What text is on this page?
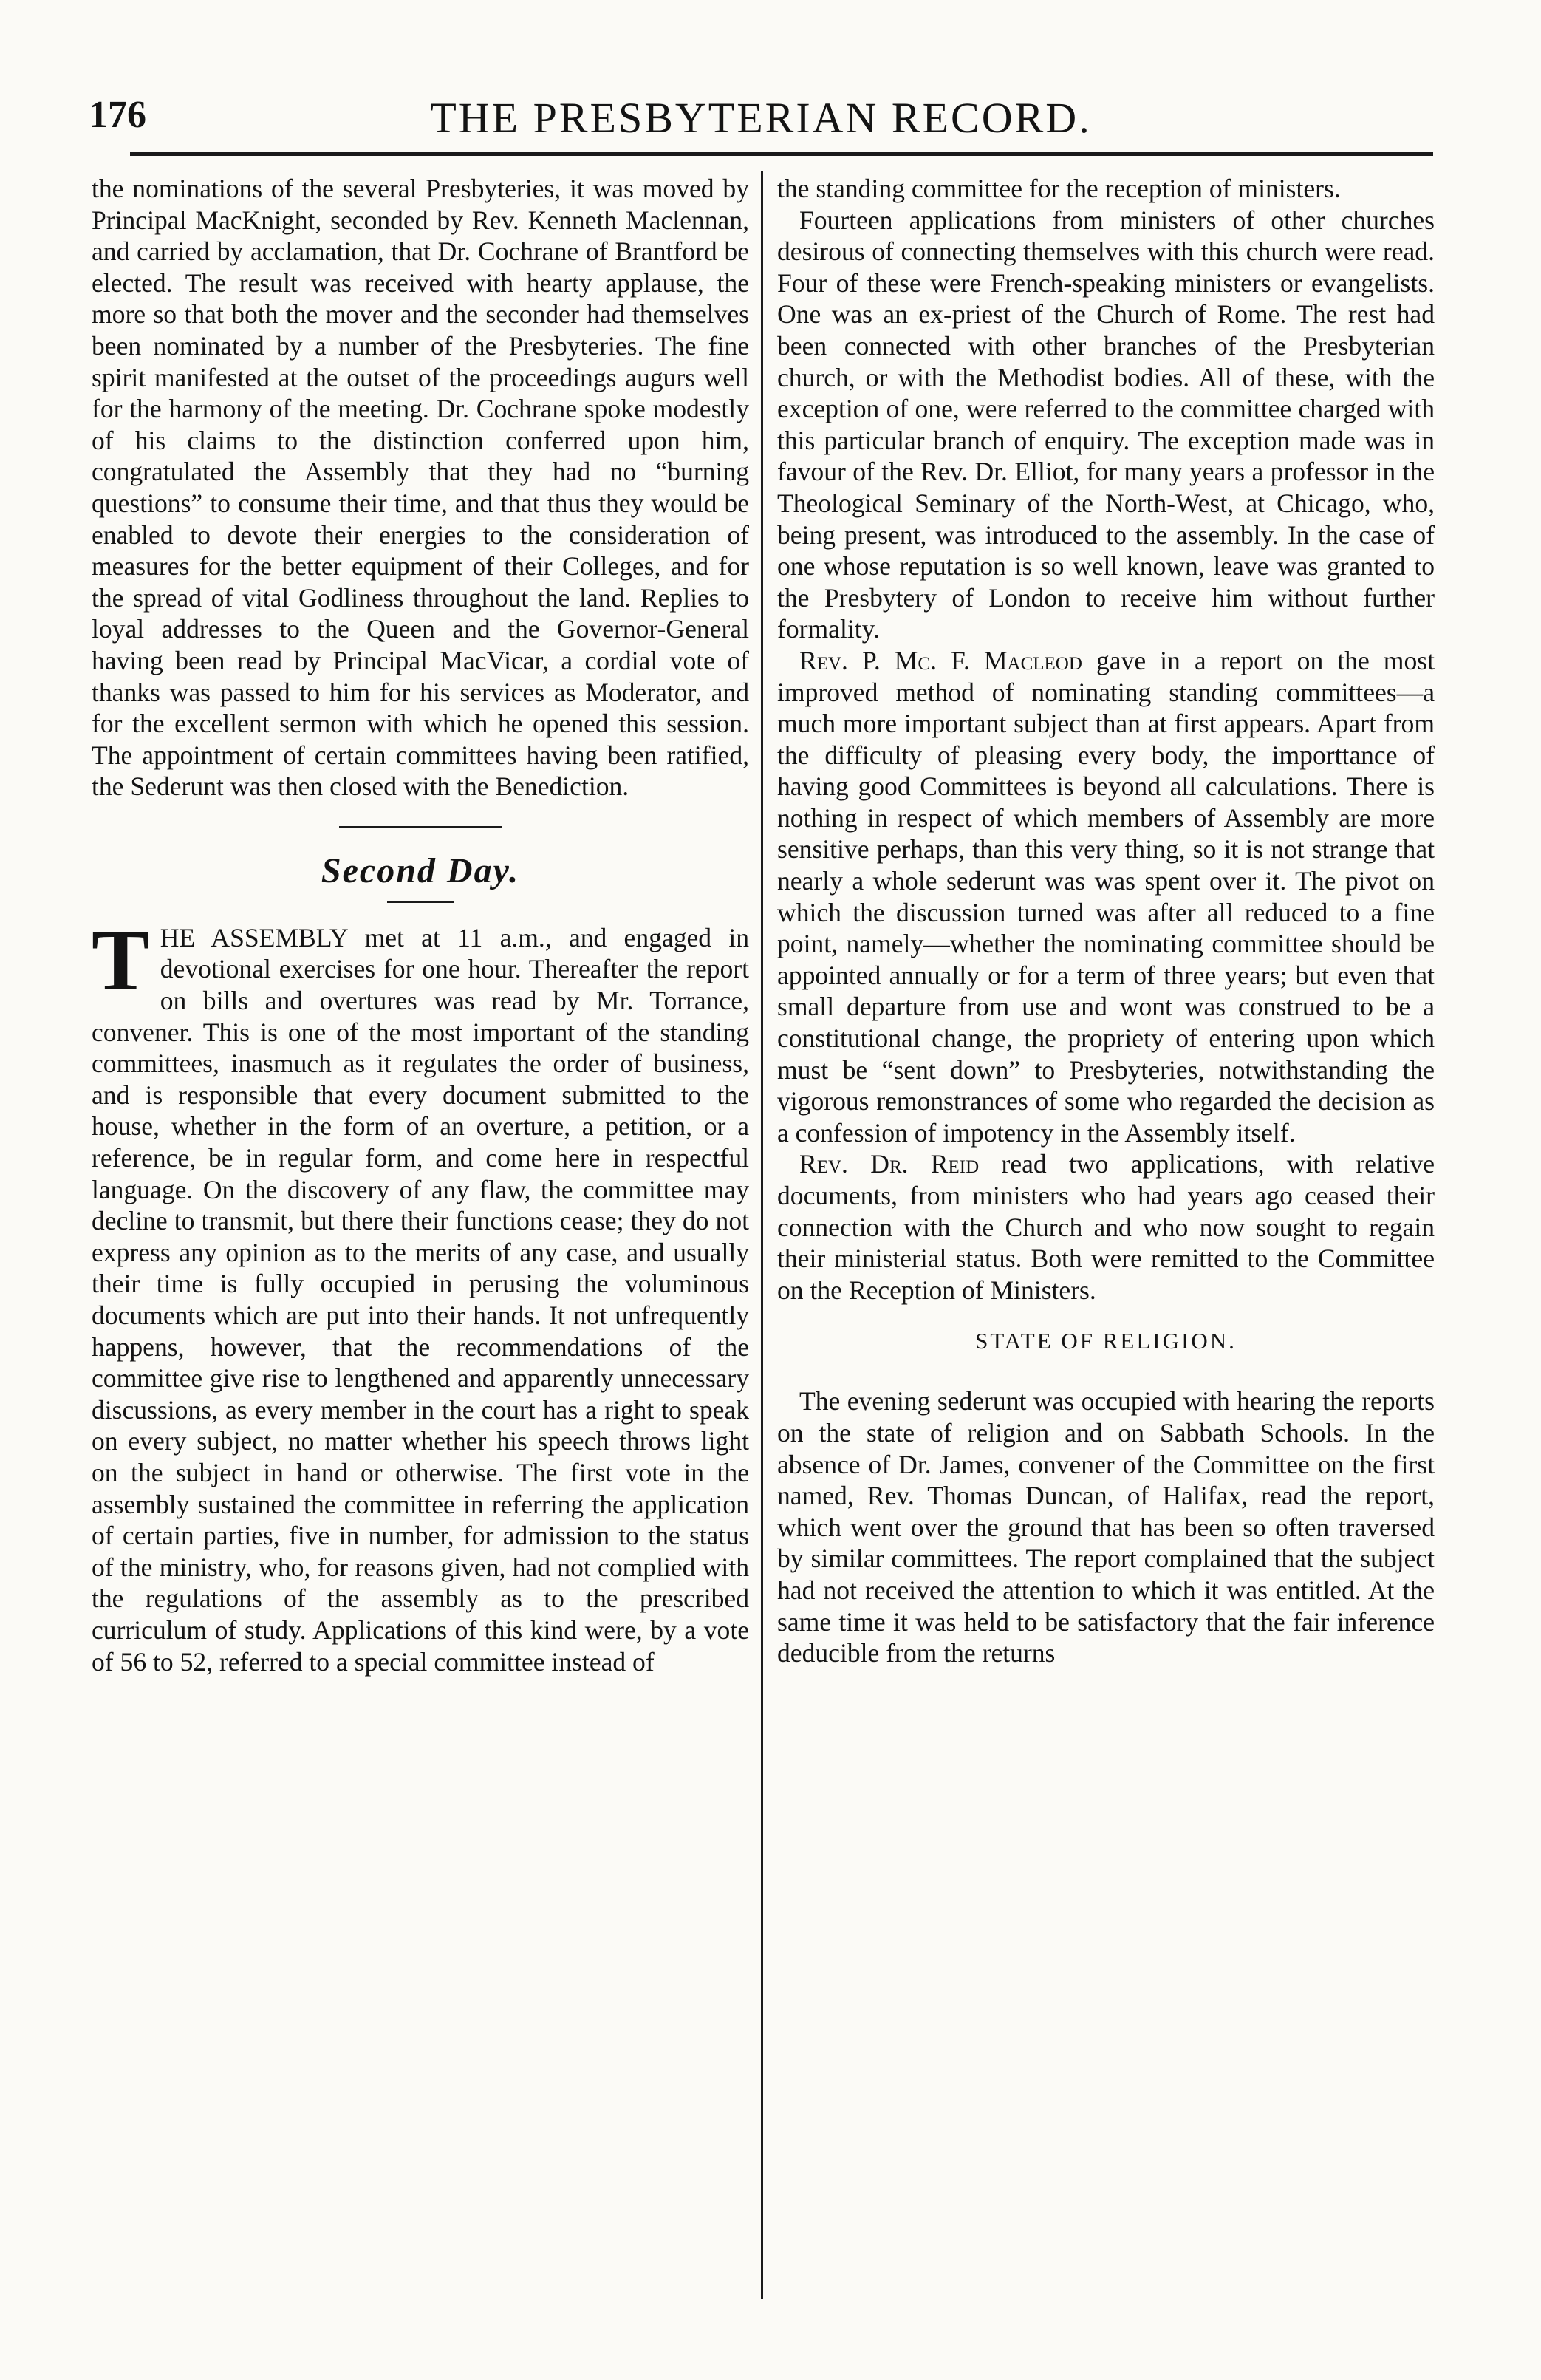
176	THE PRESBYTERIAN RECORD.

the nominations of the several Presbyteries, it was moved by Principal MacKnight, seconded by Rev. Kenneth Maclennan, and carried by acclamation, that Dr. Cochrane of Brantford be elected. The result was received with hearty applause, the more so that both the mover and the seconder had themselves been nominated by a number of the Presbyteries. The fine spirit manifested at the outset of the proceedings augurs well for the harmony of the meeting. Dr. Cochrane spoke modestly of his claims to the distinction conferred upon him, congratulated the Assembly that they had no “burning questions” to consume their time, and that thus they would be enabled to devote their energies to the consideration of measures for the better equipment of their Colleges, and for the spread of vital Godliness throughout the land. Replies to loyal addresses to the Queen and the Governor-General having been read by Principal MacVicar, a cordial vote of thanks was passed to him for his services as Moderator, and for the excellent sermon with which he opened this session. The appointment of certain committees having been ratified, the Sederunt was then closed with the Benediction.

Second Day.

THE ASSEMBLY met at 11 a.m., and engaged in devotional exercises for one hour. Thereafter the report on bills and overtures was read by Mr. Torrance, convener. This is one of the most important of the standing committees, inasmuch as it regulates the order of business, and is responsible that every document submitted to the house, whether in the form of an overture, a petition, or a reference, be in regular form, and come here in respectful language. On the discovery of any flaw, the committee may decline to transmit, but there their functions cease; they do not express any opinion as to the merits of any case, and usually their time is fully occupied in perusing the voluminous documents which are put into their hands. It not unfrequently happens, however, that the recommendations of the committee give rise to lengthened and apparently unnecessary discussions, as every member in the court has a right to speak on every subject, no matter whether his speech throws light on the subject in hand or otherwise. The first vote in the assembly sustained the committee in referring the application of certain parties, five in number, for admission to the status of the ministry, who, for reasons given, had not complied with the regulations of the assembly as to the prescribed curriculum of study. Applications of this kind were, by a vote of 56 to 52, referred to a special committee instead of

the standing committee for the reception of ministers.

Fourteen applications from ministers of other churches desirous of connecting themselves with this church were read. Four of these were French-speaking ministers or evangelists. One was an ex-priest of the Church of Rome. The rest had been connected with other branches of the Presbyterian church, or with the Methodist bodies. All of these, with the exception of one, were referred to the committee charged with this particular branch of enquiry. The exception made was in favour of the Rev. Dr. Elliot, for many years a professor in the Theological Seminary of the North-West, at Chicago, who, being present, was introduced to the assembly. In the case of one whose reputation is so well known, leave was granted to the Presbytery of London to receive him without further formality.

Rev. P. Mc. F. Macleod gave in a report on the most improved method of nominating standing committees—a much more important subject than at first appears. Apart from the difficulty of pleasing every body, the importtance of having good Committees is beyond all calculations. There is nothing in respect of which members of Assembly are more sensitive perhaps, than this very thing, so it is not strange that nearly a whole sederunt was was spent over it. The pivot on which the discussion turned was after all reduced to a fine point, namely—whether the nominating committee should be appointed annually or for a term of three years; but even that small departure from use and wont was construed to be a constitutional change, the propriety of entering upon which must be “sent down” to Presbyteries, notwithstanding the vigorous remonstrances of some who regarded the decision as a confession of impotency in the Assembly itself.

Rev. Dr. Reid read two applications, with relative documents, from ministers who had years ago ceased their connection with the Church and who now sought to regain their ministerial status. Both were remitted to the Committee on the Reception of Ministers.

STATE OF RELIGION.

The evening sederunt was occupied with hearing the reports on the state of religion and on Sabbath Schools. In the absence of Dr. James, convener of the Committee on the first named, Rev. Thomas Duncan, of Halifax, read the report, which went over the ground that has been so often traversed by similar committees. The report complained that the subject had not received the attention to which it was entitled. At the same time it was held to be satisfactory that the fair inference deducible from the returns
